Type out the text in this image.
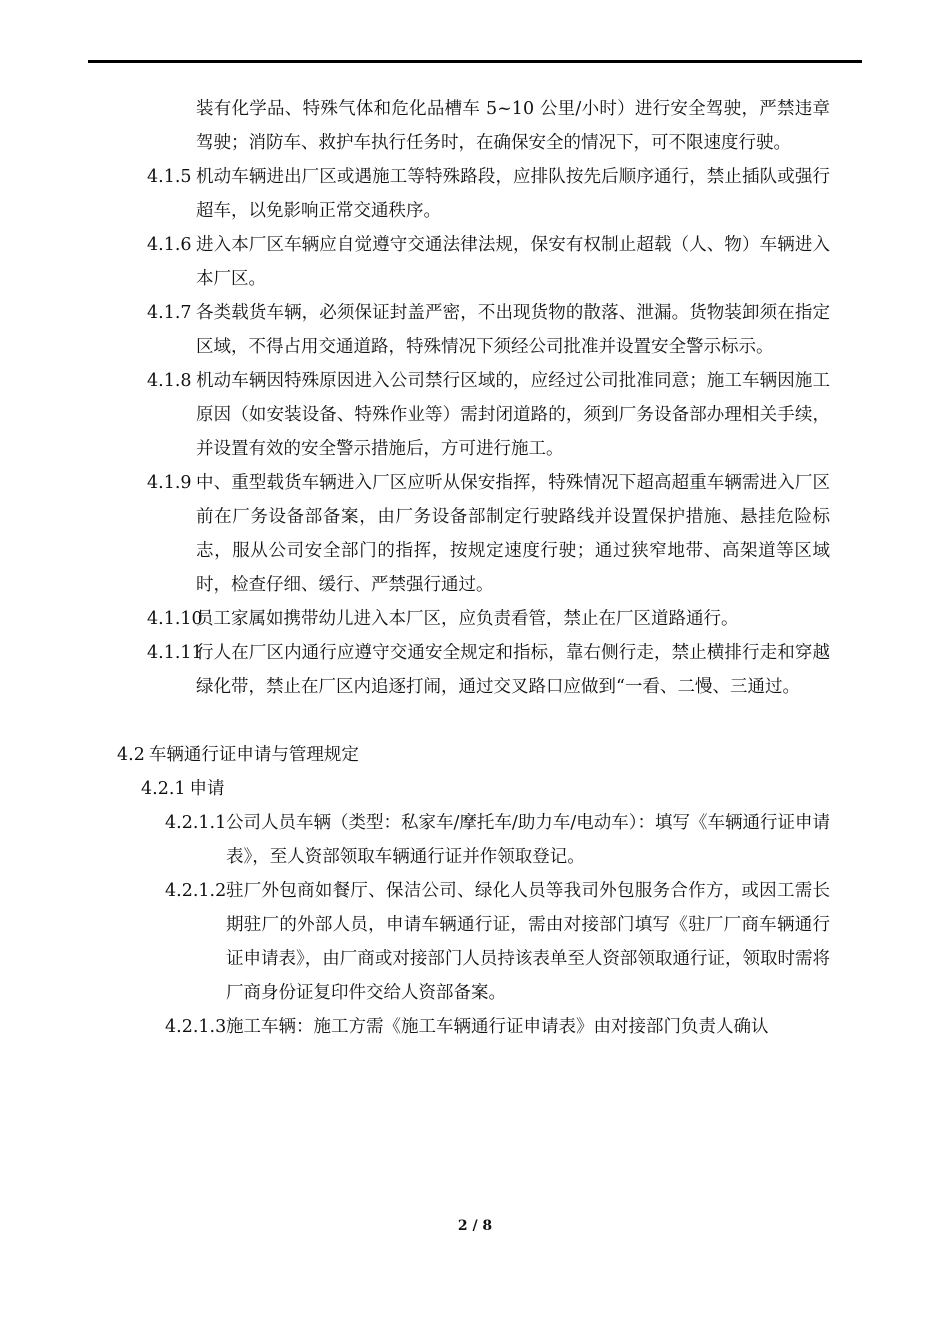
装有化学品、特殊气体和危化品槽车 5~10 公里/小时）进行安全驾驶，严禁违章驾驶；消防车、救护车执行任务时，在确保安全的情况下，可不限速度行驶。

4.1.5 机动车辆进出厂区或遇施工等特殊路段，应排队按先后顺序通行，禁止插队或强行超车，以免影响正常交通秩序。

4.1.6 进入本厂区车辆应自觉遵守交通法律法规，保安有权制止超载（人、物）车辆进入本厂区。

4.1.7 各类载货车辆，必须保证封盖严密，不出现货物的散落、泄漏。货物装卸须在指定区域，不得占用交通道路，特殊情况下须经公司批准并设置安全警示标示。

4.1.8 机动车辆因特殊原因进入公司禁行区域的，应经过公司批准同意；施工车辆因施工原因（如安装设备、特殊作业等）需封闭道路的，须到厂务设备部办理相关手续，并设置有效的安全警示措施后，方可进行施工。

4.1.9 中、重型载货车辆进入厂区应听从保安指挥，特殊情况下超高超重车辆需进入厂区前在厂务设备部备案，由厂务设备部制定行驶路线并设置保护措施、悬挂危险标志，服从公司安全部门的指挥，按规定速度行驶；通过狭窄地带、高架道等区域时，检查仔细、缓行、严禁强行通过。

4.1.10
员工家属如携带幼儿进入本厂区，应负责看管，禁止在厂区道路通行。

4.1.11
行人在厂区内通行应遵守交通安全规定和指标，靠右侧行走，禁止横排行走和穿越绿化带，禁止在厂区内追逐打闹，通过交叉路口应做到“一看、二慢、三通过。

4.2 车辆通行证申请与管理规定

4.2.1 申请

4.2.1.1 公司人员车辆（类型：私家车/摩托车/助力车/电动车）：填写《车辆通行证申请表》，至人资部领取车辆通行证并作领取登记。

4.2.1.2 驻厂外包商如餐厅、保洁公司、绿化人员等我司外包服务合作方，或因工需长期驻厂的外部人员，申请车辆通行证，需由对接部门填写《驻厂厂商车辆通行证申请表》，由厂商或对接部门人员持该表单至人资部领取通行证，领取时需将厂商身份证复印件交给人资部备案。

4.2.1.3 施工车辆：施工方需《施工车辆通行证申请表》由对接部门负责人确认

2 / 8
